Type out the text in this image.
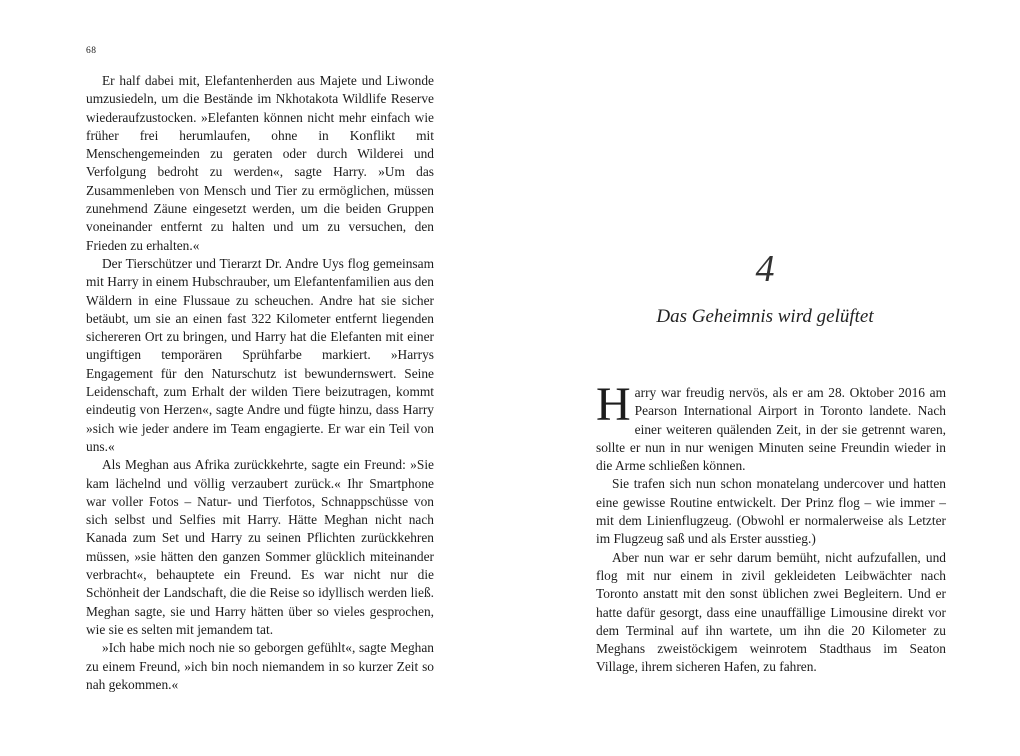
68

Er half dabei mit, Elefantenherden aus Majete und Liwonde umzusiedeln, um die Bestände im Nkhotakota Wildlife Reserve wiederaufzustocken. »Elefanten können nicht mehr einfach wie früher frei herumlaufen, ohne in Konflikt mit Menschengemeinden zu geraten oder durch Wilderei und Verfolgung bedroht zu werden«, sagte Harry. »Um das Zusammenleben von Mensch und Tier zu ermöglichen, müssen zunehmend Zäune eingesetzt werden, um die beiden Gruppen voneinander entfernt zu halten und um zu versuchen, den Frieden zu erhalten.«

Der Tierschützer und Tierarzt Dr. Andre Uys flog gemeinsam mit Harry in einem Hubschrauber, um Elefantenfamilien aus den Wäldern in eine Flussaue zu scheuchen. Andre hat sie sicher betäubt, um sie an einen fast 322 Kilometer entfernt liegenden sichereren Ort zu bringen, und Harry hat die Elefanten mit einer ungiftigen temporären Sprühfarbe markiert. »Harrys Engagement für den Naturschutz ist bewundernswert. Seine Leidenschaft, zum Erhalt der wilden Tiere beizutragen, kommt eindeutig von Herzen«, sagte Andre und fügte hinzu, dass Harry »sich wie jeder andere im Team engagierte. Er war ein Teil von uns.«

Als Meghan aus Afrika zurückkehrte, sagte ein Freund: »Sie kam lächelnd und völlig verzaubert zurück.« Ihr Smartphone war voller Fotos – Natur- und Tierfotos, Schnappschüsse von sich selbst und Selfies mit Harry. Hätte Meghan nicht nach Kanada zum Set und Harry zu seinen Pflichten zurückkehren müssen, »sie hätten den ganzen Sommer glücklich miteinander verbracht«, behauptete ein Freund. Es war nicht nur die Schönheit der Landschaft, die die Reise so idyllisch werden ließ. Meghan sagte, sie und Harry hätten über so vieles gesprochen, wie sie es selten mit jemandem tat.

»Ich habe mich noch nie so geborgen gefühlt«, sagte Meghan zu einem Freund, »ich bin noch niemandem in so kurzer Zeit so nah gekommen.«

4
Das Geheimnis wird gelüftet

Harry war freudig nervös, als er am 28. Oktober 2016 am Pearson International Airport in Toronto landete. Nach einer weiteren quälenden Zeit, in der sie getrennt waren, sollte er nun in nur wenigen Minuten seine Freundin wieder in die Arme schließen können.

Sie trafen sich nun schon monatelang undercover und hatten eine gewisse Routine entwickelt. Der Prinz flog – wie immer – mit dem Linienflugzeug. (Obwohl er normalerweise als Letzter im Flugzeug saß und als Erster ausstieg.)

Aber nun war er sehr darum bemüht, nicht aufzufallen, und flog mit nur einem in zivil gekleideten Leibwächter nach Toronto anstatt mit den sonst üblichen zwei Begleitern. Und er hatte dafür gesorgt, dass eine unauffällige Limousine direkt vor dem Terminal auf ihn wartete, um ihn die 20 Kilometer zu Meghans zweistöckigem weinrotem Stadthaus im Seaton Village, ihrem sicheren Hafen, zu fahren.
